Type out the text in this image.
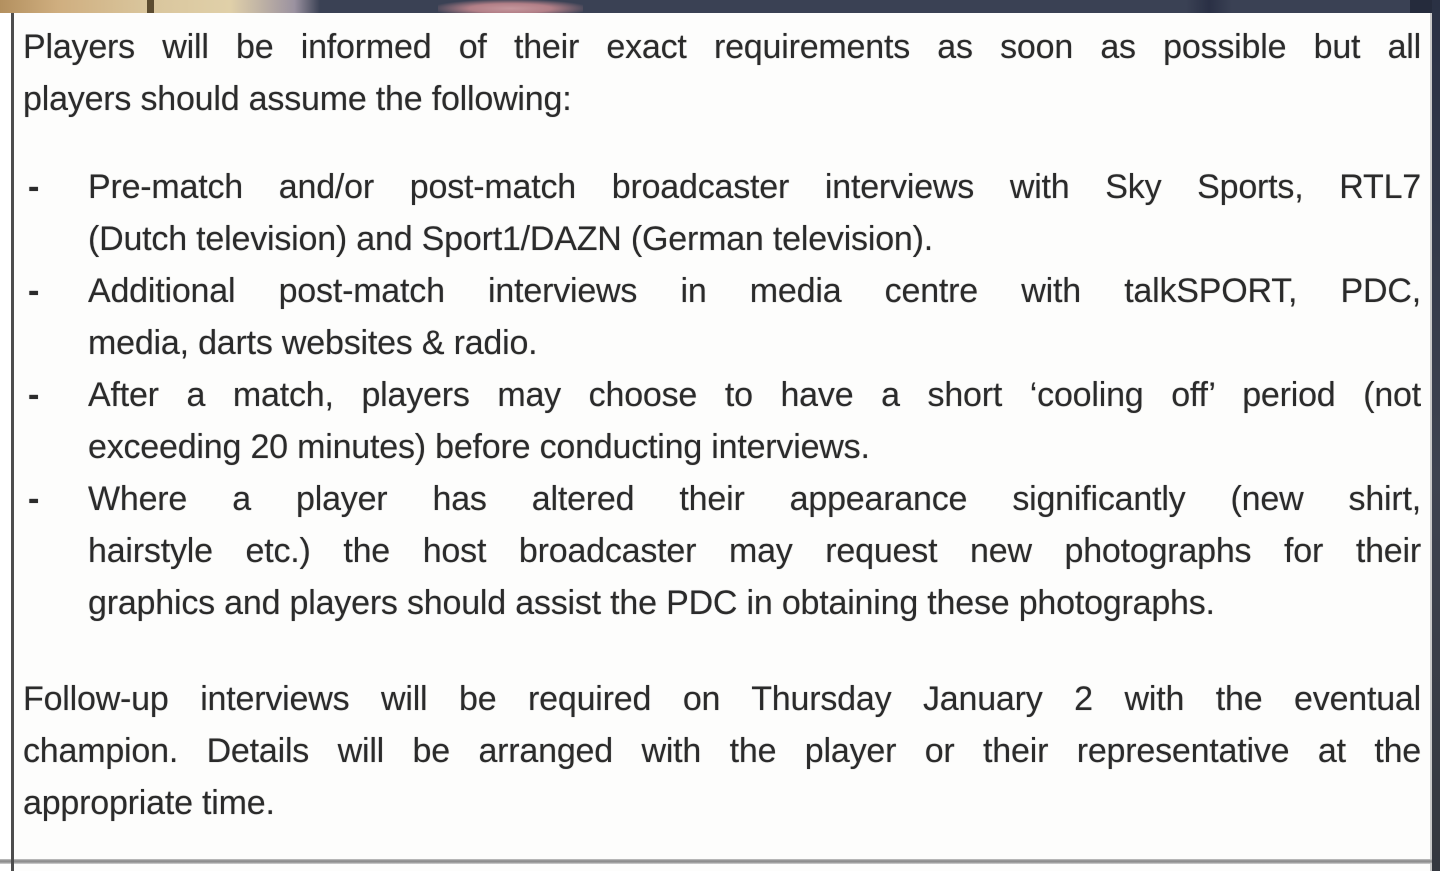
Players will be informed of their exact requirements as soon as possible but all
players should assume the following:
- Pre-match and/or post-match broadcaster interviews with Sky Sports, RTL7
(Dutch television) and Sport1/DAZN (German television).
- Additional post-match interviews in media centre with talkSPORT, PDC,
media, darts websites & radio.
- After a match, players may choose to have a short ‘cooling off’ period (not
exceeding 20 minutes) before conducting interviews.
- Where a player has altered their appearance significantly (new shirt,
hairstyle etc.) the host broadcaster may request new photographs for their
graphics and players should assist the PDC in obtaining these photographs.
Follow-up interviews will be required on Thursday January 2 with the eventual
champion. Details will be arranged with the player or their representative at the
appropriate time.
